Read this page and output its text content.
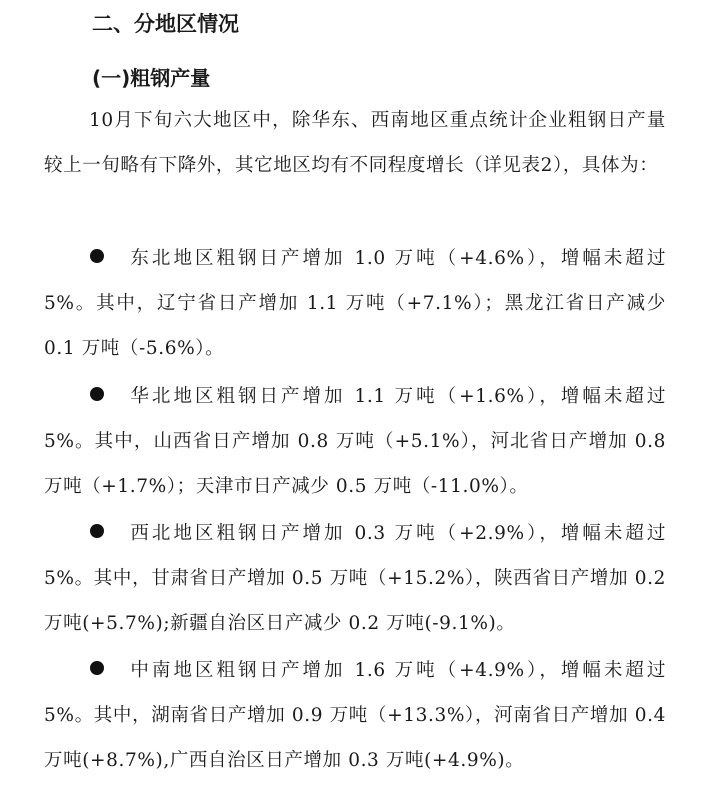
二、分地区情况
(一)粗钢产量

10月下旬六大地区中，除华东、西南地区重点统计企业粗钢日产量较上一旬略有下降外，其它地区均有不同程度增长（详见表2），具体为：

东北地区粗钢日产增加 1.0 万吨（+4.6%），增幅未超过 5%。其中，辽宁省日产增加 1.1 万吨（+7.1%）；黑龙江省日产减少 0.1 万吨（-5.6%）。

华北地区粗钢日产增加 1.1 万吨（+1.6%），增幅未超过 5%。其中，山西省日产增加 0.8 万吨（+5.1%），河北省日产增加 0.8 万吨（+1.7%）；天津市日产减少 0.5 万吨（-11.0%）。

西北地区粗钢日产增加 0.3 万吨（+2.9%），增幅未超过 5%。其中，甘肃省日产增加 0.5 万吨（+15.2%），陕西省日产增加 0.2 万吨(+5.7%);新疆自治区日产减少 0.2 万吨(-9.1%)。

中南地区粗钢日产增加 1.6 万吨（+4.9%），增幅未超过 5%。其中，湖南省日产增加 0.9 万吨（+13.3%），河南省日产增加 0.4 万吨(+8.7%),广西自治区日产增加 0.3 万吨(+4.9%)。
